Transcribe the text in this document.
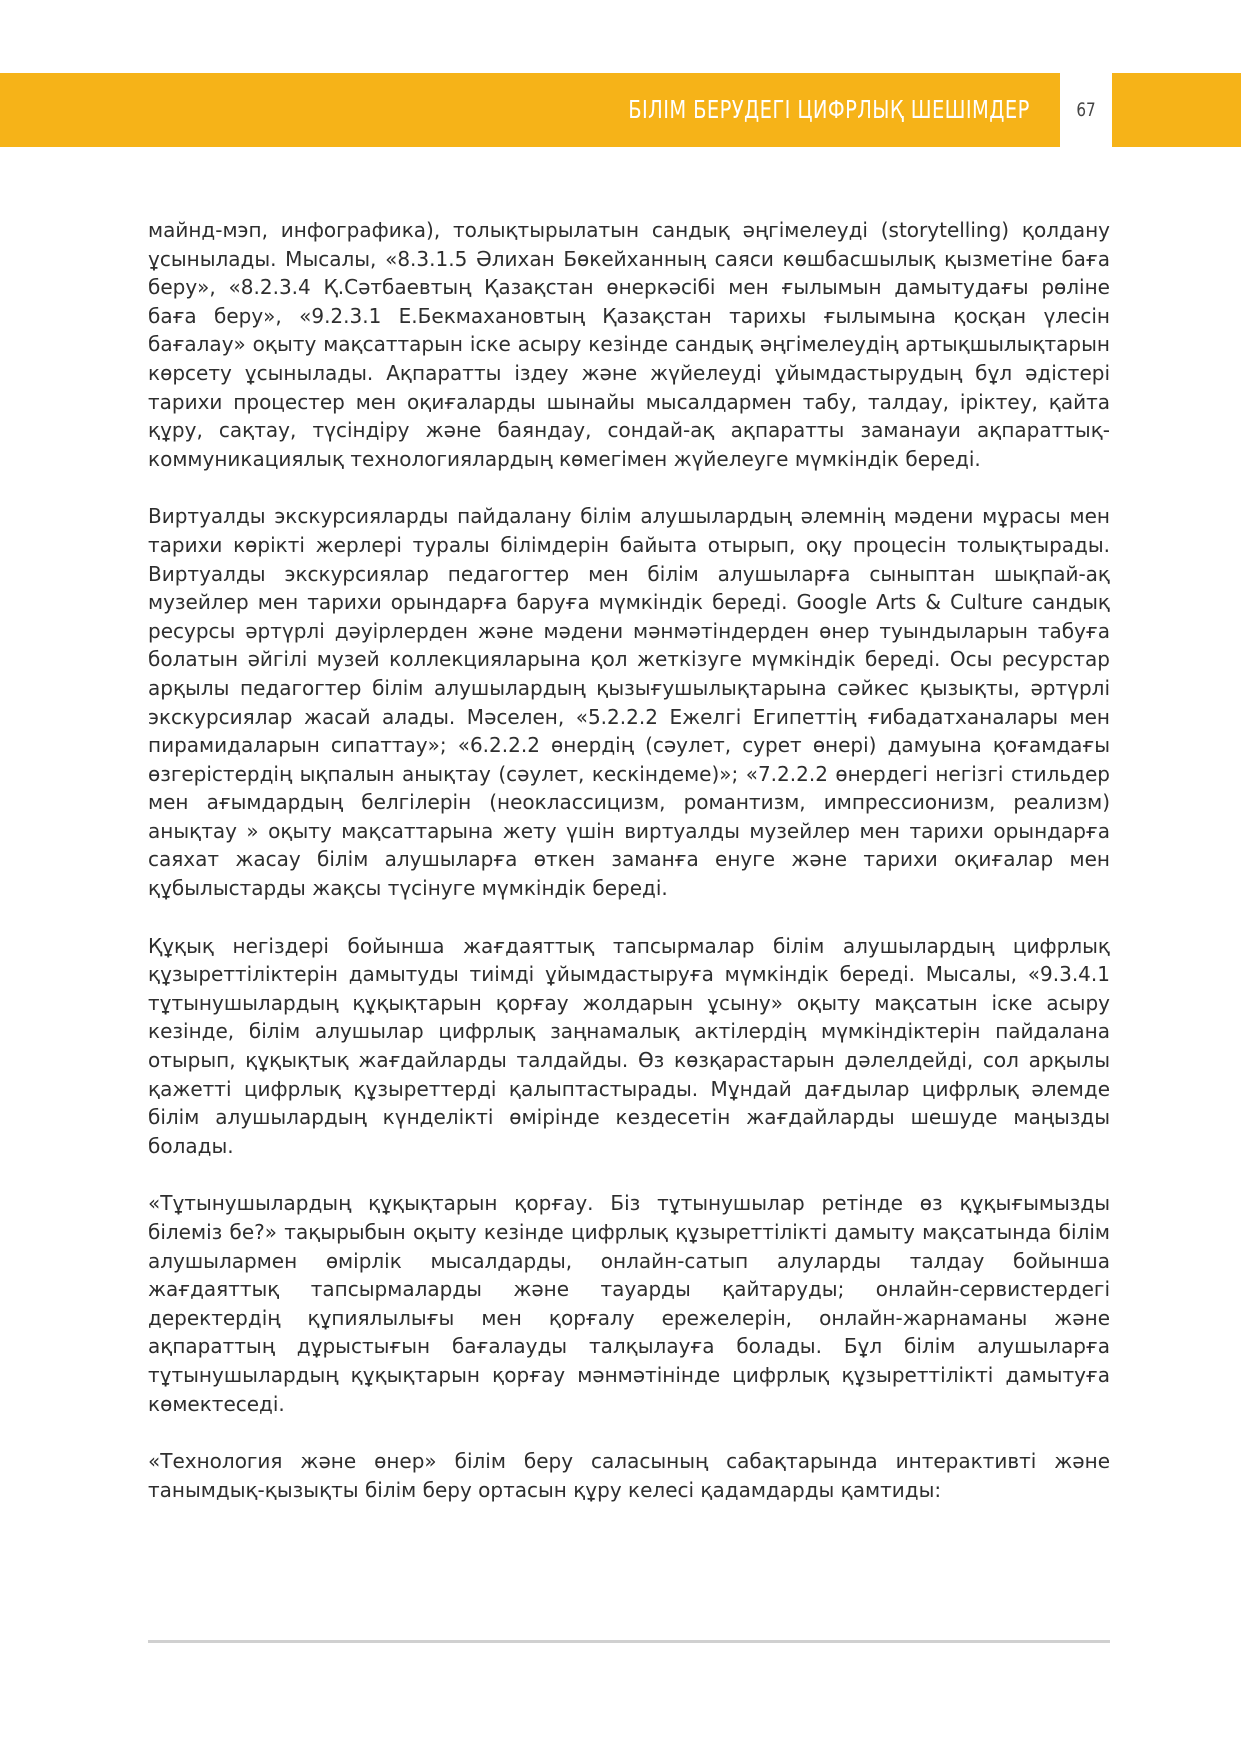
БІЛІМ БЕРУДЕГІ ЦИФРЛЫҚ ШЕШІМДЕР	67

майнд-мэп, инфографика), толықтырылатын сандық әңгімелеуді (storytelling) қолдану ұсынылады. Мысалы, «8.3.1.5 Әлихан Бөкейханның саяси көшбасшылық қызметіне баға беру», «8.2.3.4 Қ.Сәтбаевтың Қазақстан өнеркәсібі мен ғылымын дамытудағы рөліне баға беру», «9.2.3.1 Е.Бекмахановтың Қазақстан тарихы ғылымына қосқан үлесін бағалау» оқыту мақсаттарын іске асыру кезінде сандық әңгімелеудің артықшылықтарын көрсету ұсынылады. Ақпаратты іздеу және жүйелеуді ұйымдастырудың бұл әдістері тарихи процестер мен оқиғаларды шынайы мысалдармен табу, талдау, іріктеу, қайта құру, сақтау, түсіндіру және баяндау, сондай-ақ ақпаратты заманауи ақпараттық-коммуникациялық технологиялардың көмегімен жүйелеуге мүмкіндік береді.

Виртуалды экскурсияларды пайдалану білім алушылардың әлемнің мәдени мұрасы мен тарихи көрікті жерлері туралы білімдерін байыта отырып, оқу процесін толықтырады. Виртуалды экскурсиялар педагогтер мен білім алушыларға сыныптан шықпай-ақ музейлер мен тарихи орындарға баруға мүмкіндік береді. Google Arts & Culture сандық ресурсы әртүрлі дәуірлерден және мәдени мәнмәтіндерден өнер туындыларын табуға болатын әйгілі музей коллекцияларына қол жеткізуге мүмкіндік береді. Осы ресурстар арқылы педагогтер білім алушылардың қызығушылықтарына сәйкес қызықты, әртүрлі экскурсиялар жасай алады. Мәселен, «5.2.2.2 Ежелгі Египеттің ғибадатханалары мен пирамидаларын сипаттау»; «6.2.2.2 өнердің (сәулет, сурет өнері) дамуына қоғамдағы өзгерістердің ықпалын анықтау (сәулет, кескіндеме)»; «7.2.2.2 өнердегі негізгі стильдер мен ағымдардың белгілерін (неоклассицизм, романтизм, импрессионизм, реализм) анықтау » оқыту мақсаттарына жету үшін виртуалды музейлер мен тарихи орындарға саяхат жасау білім алушыларға өткен заманға енуге және тарихи оқиғалар мен құбылыстарды жақсы түсінуге мүмкіндік береді.

Құқық негіздері бойынша жағдаяттық тапсырмалар білім алушылардың цифрлық құзыреттіліктерін дамытуды тиімді ұйымдастыруға мүмкіндік береді. Мысалы, «9.3.4.1 тұтынушылардың құқықтарын қорғау жолдарын ұсыну» оқыту мақсатын іске асыру кезінде, білім алушылар цифрлық заңнамалық актілердің мүмкіндіктерін пайдалана отырып, құқықтық жағдайларды талдайды. Өз көзқарастарын дәлелдейді, сол арқылы қажетті цифрлық құзыреттерді қалыптастырады. Мұндай дағдылар цифрлық әлемде білім алушылардың күнделікті өмірінде кездесетін жағдайларды шешуде маңызды болады.

«Тұтынушылардың құқықтарын қорғау. Біз тұтынушылар ретінде өз құқығымызды білеміз бе?» тақырыбын оқыту кезінде цифрлық құзыреттілікті дамыту мақсатында білім алушылармен өмірлік мысалдарды, онлайн-сатып алуларды талдау бойынша жағдаяттық тапсырмаларды және тауарды қайтаруды; онлайн-сервистердегі деректердің құпиялылығы мен қорғалу ережелерін, онлайн-жарнаманы және ақпараттың дұрыстығын бағалауды талқылауға болады. Бұл білім алушыларға тұтынушылардың құқықтарын қорғау мәнмәтінінде цифрлық құзыреттілікті дамытуға көмектеседі.

«Технология және өнер» білім беру саласының сабақтарында интерактивті және танымдық-қызықты білім беру ортасын құру келесі қадамдарды қамтиды:
